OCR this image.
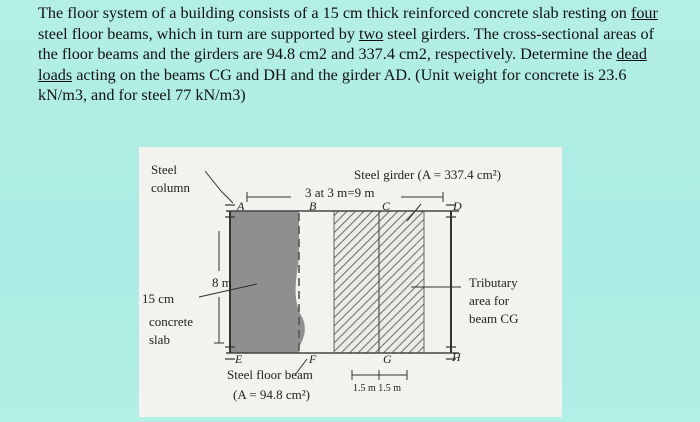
The floor system of a building consists of a 15 cm thick reinforced concrete slab resting on four steel floor beams, which in turn are supported by two steel girders. The cross-sectional areas of the floor beams and the girders are 94.8 cm2 and 337.4 cm2, respectively. Determine the dead loads acting on the beams CG and DH and the girder AD. (Unit weight for concrete is 23.6 kN/m3, and for steel 77 kN/m3)
Steel
column
Steel girder (A = 337.4 cm²)
3 at 3 m=9 m
A	B	C	D
8 m
15 cm
concrete
slab
Tributary
area for
beam CG
E	F	G	H
Steel floor beam
(A = 94.8 cm²)	1.5 m 1.5 m
